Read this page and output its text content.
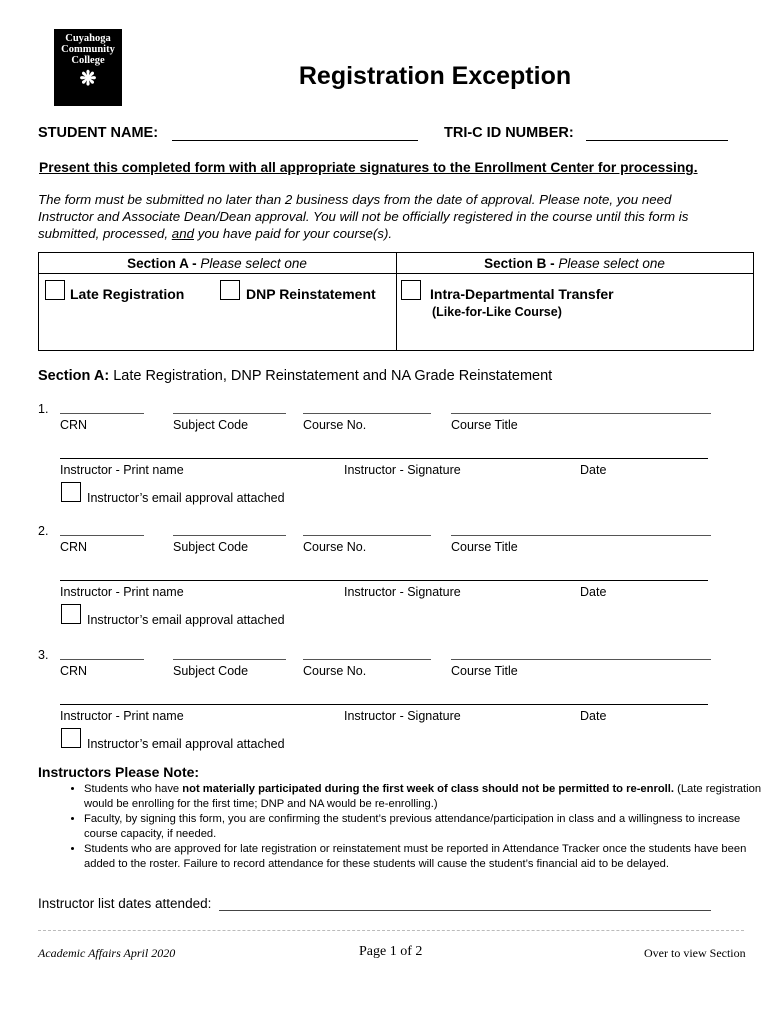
Cuyahoga
Community
College
❋	Registration Exception
STUDENT NAME:	TRI-C ID NUMBER:
Present this completed form with all appropriate signatures to the Enrollment Center for processing.
The form must be submitted no later than 2 business days from the date of approval. Please note, you need Instructor and Associate Dean/Dean approval. You will not be officially registered in the course until this form is submitted, processed, and you have paid for your course(s).
Section A - Please select one	Section B - Please select one
Late Registration	DNP Reinstatement	Intra-Departmental Transfer
(Like-for-Like Course)
Section A: Late Registration, DNP Reinstatement and NA Grade Reinstatement
1.
CRN	Subject Code	Course No.	Course Title
Instructor - Print name	Instructor - Signature	Date
Instructor’s email approval attached
2.
CRN	Subject Code	Course No.	Course Title
Instructor - Print name	Instructor - Signature	Date
Instructor’s email approval attached
3.
CRN	Subject Code	Course No.	Course Title
Instructor - Print name	Instructor - Signature	Date
Instructor’s email approval attached
Instructors Please Note:
• Students who have not materially participated during the first week of class should not be permitted to re-enroll. (Late registration would be enrolling for the first time; DNP and NA would be re-enrolling.)
• Faculty, by signing this form, you are confirming the student’s previous attendance/participation in class and a willingness to increase course capacity, if needed.
• Students who are approved for late registration or reinstatement must be reported in Attendance Tracker once the students have been added to the roster. Failure to record attendance for these students will cause the student’s financial aid to be delayed.
Instructor list dates attended:
Academic Affairs April 2020	Page 1 of 2	Over to view Section
